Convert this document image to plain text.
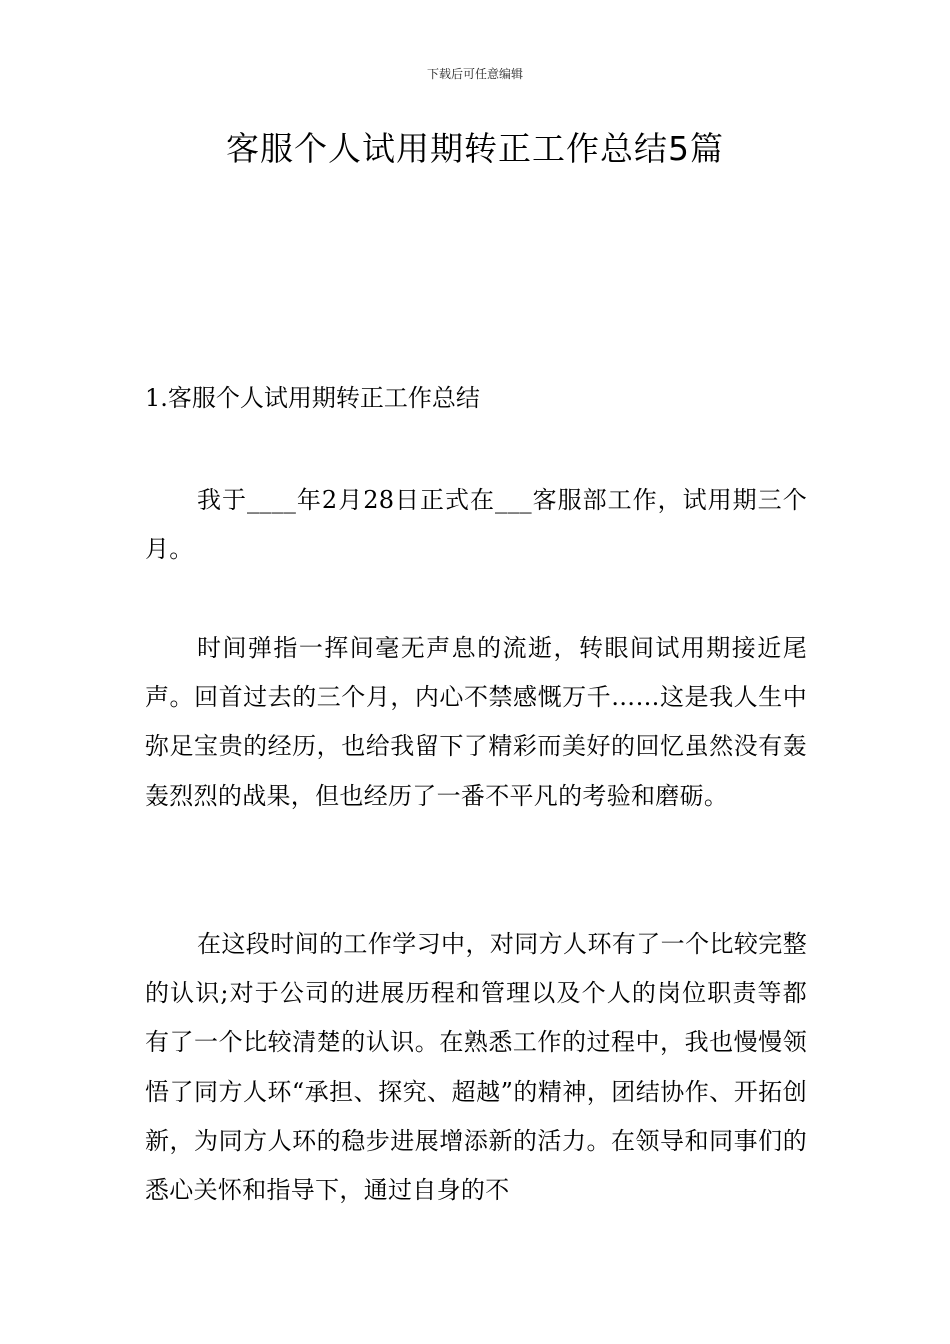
下载后可任意编辑
客服个人试用期转正工作总结5篇
1.客服个人试用期转正工作总结

我于____年2月28日正式在___客服部工作，试用期三个月。

时间弹指一挥间毫无声息的流逝，转眼间试用期接近尾声。回首过去的三个月，内心不禁感慨万千……这是我人生中弥足宝贵的经历，也给我留下了精彩而美好的回忆虽然没有轰轰烈烈的战果，但也经历了一番不平凡的考验和磨砺。

在这段时间的工作学习中，对同方人环有了一个比较完整的认识;对于公司的进展历程和管理以及个人的岗位职责等都有了一个比较清楚的认识。在熟悉工作的过程中，我也慢慢领悟了同方人环“承担、探究、超越”的精神，团结协作、开拓创新，为同方人环的稳步进展增添新的活力。在领导和同事们的悉心关怀和指导下，通过自身的不
